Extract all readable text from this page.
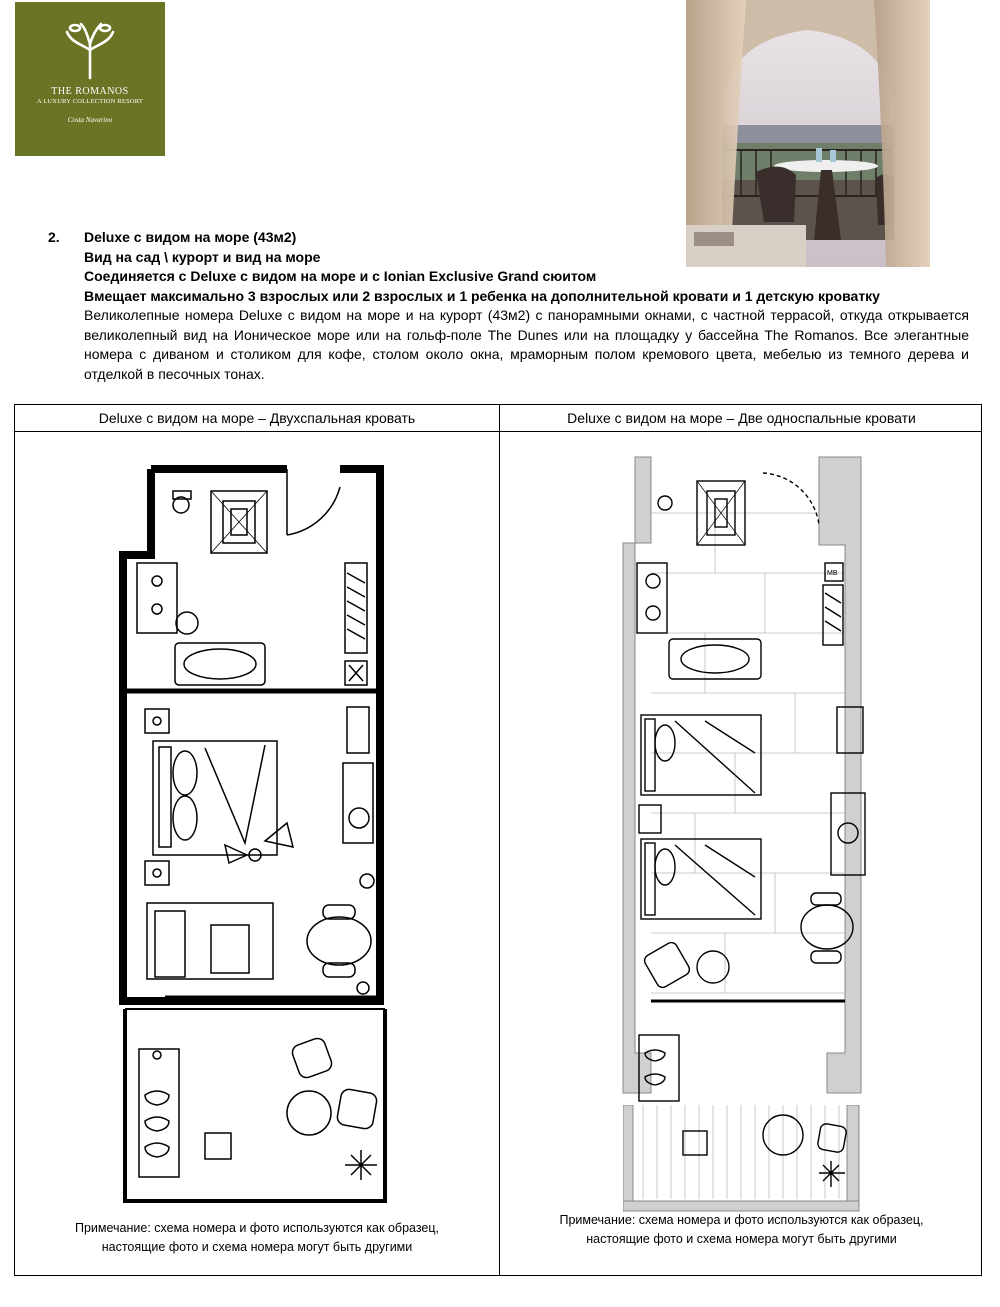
THE ROMANOS
A LUXURY COLLECTION RESORT
Costa Navarino
2. Deluxe с видом на море (43м2)
Вид на сад \ курорт и вид на море
Соединяется с Deluxe с видом на море и с Ionian Exclusive Grand сюитом
Вмещает максимально 3 взрослых или 2 взрослых и 1 ребенка на дополнительной кровати и 1 детскую кроватку
Великолепные номера Deluxe с видом на море и на курорт (43м2) с панорамными окнами, с частной террасой, откуда открывается великолепный вид на Ионическое море или на гольф-поле The Dunes или на площадку у бассейна The Romanos. Все элегантные номера с диваном и столиком для кофе, столом около окна, мраморным полом кремового цвета, мебелью из темного дерева и отделкой в песочных тонах.
Deluxe с видом на море – Двухспальная кровать	Deluxe с видом на море – Две односпальные кровати
MB
Примечание: схема номера и фото используются как образец,
настоящие фото и схема номера могут быть другими
Примечание: схема номера и фото используются как образец,
настоящие фото и схема номера могут быть другими
